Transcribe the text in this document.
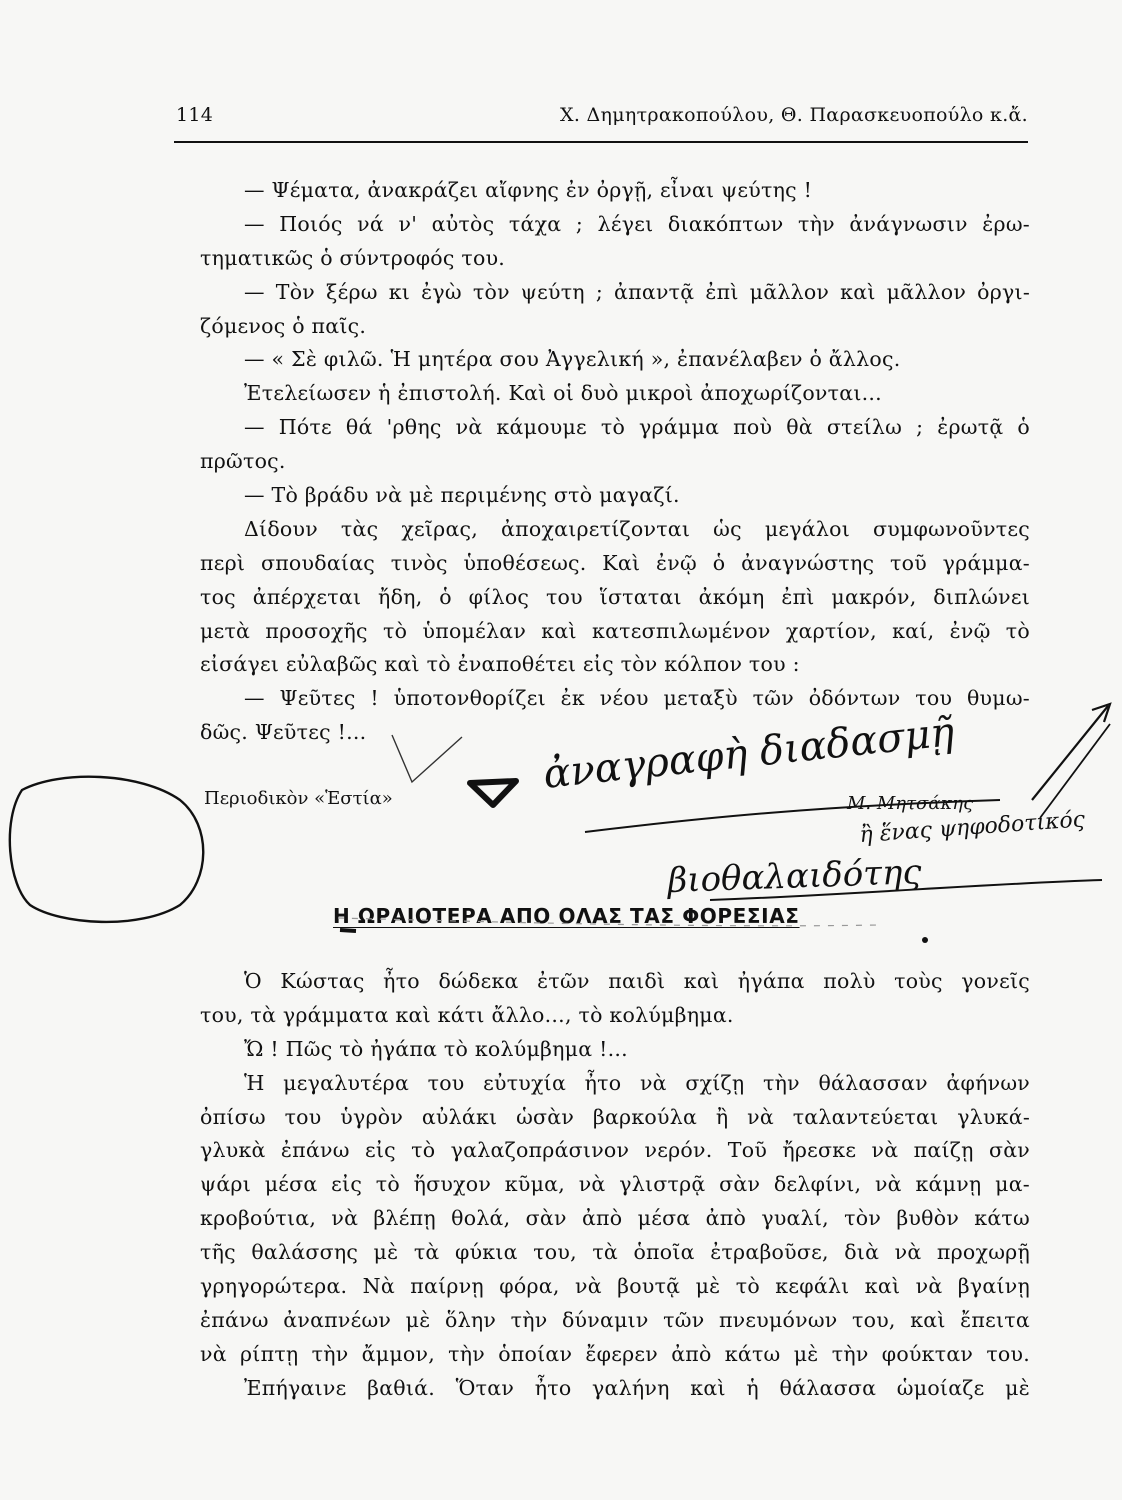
114	Χ. Δημητρακοπούλου, Θ. Παρασκευοπούλο κ.ἄ.
— Ψέματα, ἀνακράζει αἴφνης ἐν ὀργῇ, εἶναι ψεύτης !
— Ποιός νά ν' αὐτὸς τάχα ; λέγει διακόπτων τὴν ἀνάγνωσιν ἐρω-
τηματικῶς ὁ σύντροφός του.
— Τὸν ξέρω κι ἐγὼ τὸν ψεύτη ; ἀπαντᾷ ἐπὶ μᾶλλον καὶ μᾶλλον ὀργι-
ζόμενος ὁ παῖς.
— « Σὲ φιλῶ. Ἡ μητέρα σου Ἀγγελική », ἐπανέλαβεν ὁ ἄλλος.
Ἐτελείωσεν ἡ ἐπιστολή. Καὶ οἱ δυὸ μικροὶ ἀποχωρίζονται...
— Πότε θά 'ρθης νὰ κάμουμε τὸ γράμμα ποὺ θὰ στείλω ; ἐρωτᾷ ὁ
πρῶτος.
— Τὸ βράδυ νὰ μὲ περιμένης στὸ μαγαζί.
Δίδουν τὰς χεῖρας, ἀποχαιρετίζονται ὡς μεγάλοι συμφωνοῦντες
περὶ σπουδαίας τινὸς ὑποθέσεως. Καὶ ἐνῷ ὁ ἀναγνώστης τοῦ γράμμα-
τος ἀπέρχεται ἤδη, ὁ φίλος του ἵσταται ἀκόμη ἐπὶ μακρόν, διπλώνει
μετὰ προσοχῆς τὸ ὑπομέλαν καὶ κατεσπιλωμένον χαρτίον, καί, ἐνῷ τὸ
εἰσάγει εὐλαβῶς καὶ τὸ ἐναποθέτει εἰς τὸν κόλπον του :
— Ψεῦτες ! ὑποτονθορίζει ἐκ νέου μεταξὺ τῶν ὀδόντων του θυμω-
δῶς. Ψεῦτες !...
Περιοδικὸν «Ἑστία»	Μ. Μητσάκης
Η ΩΡΑΙΟΤΕΡΑ ΑΠΟ ΟΛΑΣ ΤΑΣ ΦΟΡΕΣΙΑΣ
Ὁ Κώστας ἦτο δώδεκα ἐτῶν παιδὶ καὶ ἠγάπα πολὺ τοὺς γονεῖς
του, τὰ γράμματα καὶ κάτι ἄλλο..., τὸ κολύμβημα.
Ὤ ! Πῶς τὸ ἠγάπα τὸ κολύμβημα !...
Ἡ μεγαλυτέρα του εὐτυχία ἦτο νὰ σχίζῃ τὴν θάλασσαν ἀφήνων
ὀπίσω του ὑγρὸν αὐλάκι ὡσὰν βαρκούλα ἢ νὰ ταλαντεύεται γλυκά-
γλυκὰ ἐπάνω εἰς τὸ γαλαζοπράσινον νερόν. Τοῦ ἤρεσκε νὰ παίζῃ σὰν
ψάρι μέσα εἰς τὸ ἥσυχον κῦμα, νὰ γλιστρᾷ σὰν δελφίνι, νὰ κάμνῃ μα-
κροβούτια, νὰ βλέπῃ θολά, σὰν ἀπὸ μέσα ἀπὸ γυαλί, τὸν βυθὸν κάτω
τῆς θαλάσσης μὲ τὰ φύκια του, τὰ ὁποῖα ἐτραβοῦσε, διὰ νὰ προχωρῇ
γρηγορώτερα. Νὰ παίρνῃ φόρα, νὰ βουτᾷ μὲ τὸ κεφάλι καὶ νὰ βγαίνῃ
ἐπάνω ἀναπνέων μὲ ὅλην τὴν δύναμιν τῶν πνευμόνων του, καὶ ἔπειτα
νὰ ρίπτῃ τὴν ἄμμον, τὴν ὁποίαν ἔφερεν ἀπὸ κάτω μὲ τὴν φούκταν του.
Ἐπήγαινε βαθιά. Ὅταν ἦτο γαλήνη καὶ ἡ θάλασσα ὡμοίαζε μὲ
ἀναγραφὴ διαδασμῇ
ἢ ἕνας ψηφοδοτικός
βιοθαλαιδότης
